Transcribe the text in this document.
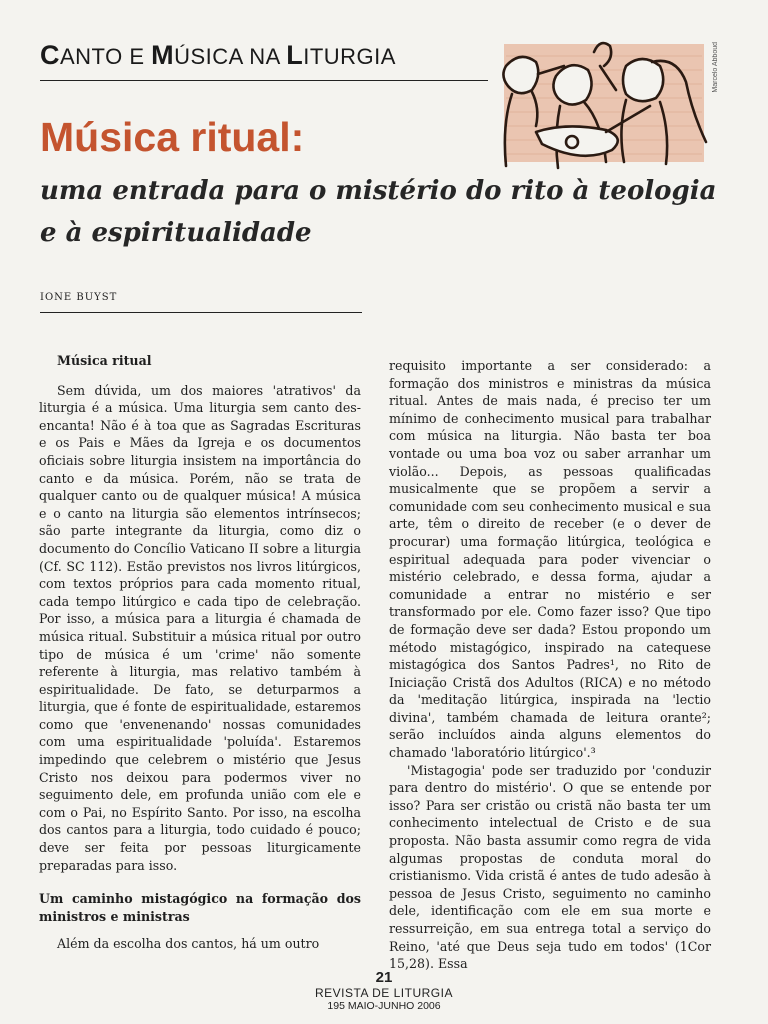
CANTO E MÚSICA NA LITURGIA	Marcelo Abboud
Música ritual:
uma entrada para o mistério do rito à teologia e à espiritualidade
IONE BUYST
Música ritual

Sem dúvida, um dos maiores 'atrativos' da liturgia é a música. Uma liturgia sem canto des-encanta! Não é à toa que as Sagradas Escrituras e os Pais e Mães da Igreja e os documentos oficiais sobre liturgia insistem na importância do canto e da música. Porém, não se trata de qualquer canto ou de qualquer música! A música e o canto na liturgia são elementos intrínsecos; são parte integrante da liturgia, como diz o documento do Concílio Vaticano II sobre a liturgia (Cf. SC 112). Estão previstos nos livros litúrgicos, com textos próprios para cada momento ritual, cada tempo litúrgico e cada tipo de celebração. Por isso, a música para a liturgia é chamada de música ritual. Substituir a música ritual por outro tipo de música é um 'crime' não somente referente à liturgia, mas relativo também à espiritualidade. De fato, se deturparmos a liturgia, que é fonte de espiritualidade, estaremos como que 'envenenando' nossas comunidades com uma espiritualidade 'poluída'. Estaremos impedindo que celebrem o mistério que Jesus Cristo nos deixou para podermos viver no seguimento dele, em profunda união com ele e com o Pai, no Espírito Santo. Por isso, na escolha dos cantos para a liturgia, todo cuidado é pouco; deve ser feita por pessoas liturgicamente preparadas para isso.

Um caminho mistagógico na formação dos ministros e ministras

Além da escolha dos cantos, há um outro

requisito importante a ser considerado: a formação dos ministros e ministras da música ritual. Antes de mais nada, é preciso ter um mínimo de conhecimento musical para trabalhar com música na liturgia. Não basta ter boa vontade ou uma boa voz ou saber arranhar um violão... Depois, as pessoas qualificadas musicalmente que se propõem a servir a comunidade com seu conhecimento musical e sua arte, têm o direito de receber (e o dever de procurar) uma formação litúrgica, teológica e espiritual adequada para poder vivenciar o mistério celebrado, e dessa forma, ajudar a comunidade a entrar no mistério e ser transformado por ele. Como fazer isso? Que tipo de formação deve ser dada? Estou propondo um método mistagógico, inspirado na catequese mistagógica dos Santos Padres¹, no Rito de Iniciação Cristã dos Adultos (RICA) e no método da 'meditação litúrgica, inspirada na 'lectio divina', também chamada de leitura orante²; serão incluídos ainda alguns elementos do chamado 'laboratório litúrgico'.³

'Mistagogia' pode ser traduzido por 'conduzir para dentro do mistério'. O que se entende por isso? Para ser cristão ou cristã não basta ter um conhecimento intelectual de Cristo e de sua proposta. Não basta assumir como regra de vida algumas propostas de conduta moral do cristianismo. Vida cristã é antes de tudo adesão à pessoa de Jesus Cristo, seguimento no caminho dele, identificação com ele em sua morte e ressurreição, em sua entrega total a serviço do Reino, 'até que Deus seja tudo em todos' (1Cor 15,28). Essa

21
REVISTA DE LITURGIA
195 MAIO-JUNHO 2006
